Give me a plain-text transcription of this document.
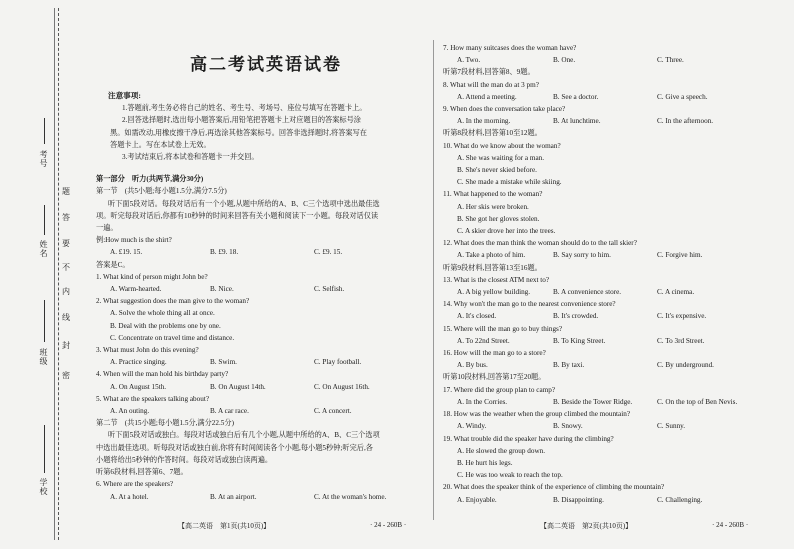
考号
姓名
班级
学校
密
封
线
内
不
要
答
题
高二考试英语试卷
注意事项:
1.答题前,考生务必将自己的姓名、考生号、考场号、座位号填写在答题卡上。
2.回答选择题时,选出每小题答案后,用铅笔把答题卡上对应题目的答案标号涂
黑。如需改动,用橡皮擦干净后,再选涂其他答案标号。回答非选择题时,将答案写在
答题卡上。写在本试卷上无效。
3.考试结束后,将本试卷和答题卡一并交回。
第一部分　听力(共两节,满分30分)
第一节　(共5小题;每小题1.5分,满分7.5分)
听下面5段对话。每段对话后有一个小题,从题中所给的A、B、C三个选项中选出最佳选
项。听完每段对话后,你都有10秒钟的时间来回答有关小题和阅读下一小题。每段对话仅读
一遍。
例:How much is the shirt?
A. £19. 15.	B. £9. 18.	C. £9. 15.
答案是C。
1. What kind of person might John be?
A. Warm-hearted.	B. Nice.	C. Selfish.
2. What suggestion does the man give to the woman?
A. Solve the whole thing all at once.
B. Deal with the problems one by one.
C. Concentrate on travel time and distance.
3. What must John do this evening?
A. Practice singing.	B. Swim.	C. Play football.
4. When will the man hold his birthday party?
A. On August 15th.	B. On August 14th.	C. On August 16th.
5. What are the speakers talking about?
A. An outing.	B. A car race.	C. A concert.
第二节　(共15小题;每小题1.5分,满分22.5分)
听下面5段对话或独白。每段对话或独白后有几个小题,从题中所给的A、B、C三个选项
中选出最佳选项。听每段对话或独白前,你将有时间阅读各个小题,每小题5秒钟;听完后,各
小题将给出5秒钟的作答时间。每段对话或独白读两遍。
听第6段材料,回答第6、7题。
6. Where are the speakers?
A. At a hotel.	B. At an airport.	C. At the woman's home.
【高二英语　第1页(共10页)】	· 24 - 260B ·
7. How many suitcases does the woman have?
A. Two.	B. One.	C. Three.
听第7段材料,回答第8、9题。
8. What will the man do at 3 pm?
A. Attend a meeting.	B. See a doctor.	C. Give a speech.
9. When does the conversation take place?
A. In the morning.	B. At lunchtime.	C. In the afternoon.
听第8段材料,回答第10至12题。
10. What do we know about the woman?
A. She was waiting for a man.
B. She's never skied before.
C. She made a mistake while skiing.
11. What happened to the woman?
A. Her skis were broken.
B. She got her gloves stolen.
C. A skier drove her into the trees.
12. What does the man think the woman should do to the tall skier?
A. Take a photo of him.	B. Say sorry to him.	C. Forgive him.
听第9段材料,回答第13至16题。
13. What is the closest ATM next to?
A. A big yellow building.	B. A convenience store.	C. A cinema.
14. Why won't the man go to the nearest convenience store?
A. It's closed.	B. It's crowded.	C. It's expensive.
15. Where will the man go to buy things?
A. To 22nd Street.	B. To King Street.	C. To 3rd Street.
16. How will the man go to a store?
A. By bus.	B. By taxi.	C. By underground.
听第10段材料,回答第17至20题。
17. Where did the group plan to camp?
A. In the Corries.	B. Beside the Tower Ridge.	C. On the top of Ben Nevis.
18. How was the weather when the group climbed the mountain?
A. Windy.	B. Snowy.	C. Sunny.
19. What trouble did the speaker have during the climbing?
A. He slowed the group down.
B. He hurt his legs.
C. He was too weak to reach the top.
20. What does the speaker think of the experience of climbing the mountain?
A. Enjoyable.	B. Disappointing.	C. Challenging.
【高二英语　第2页(共10页)】	· 24 - 260B ·
